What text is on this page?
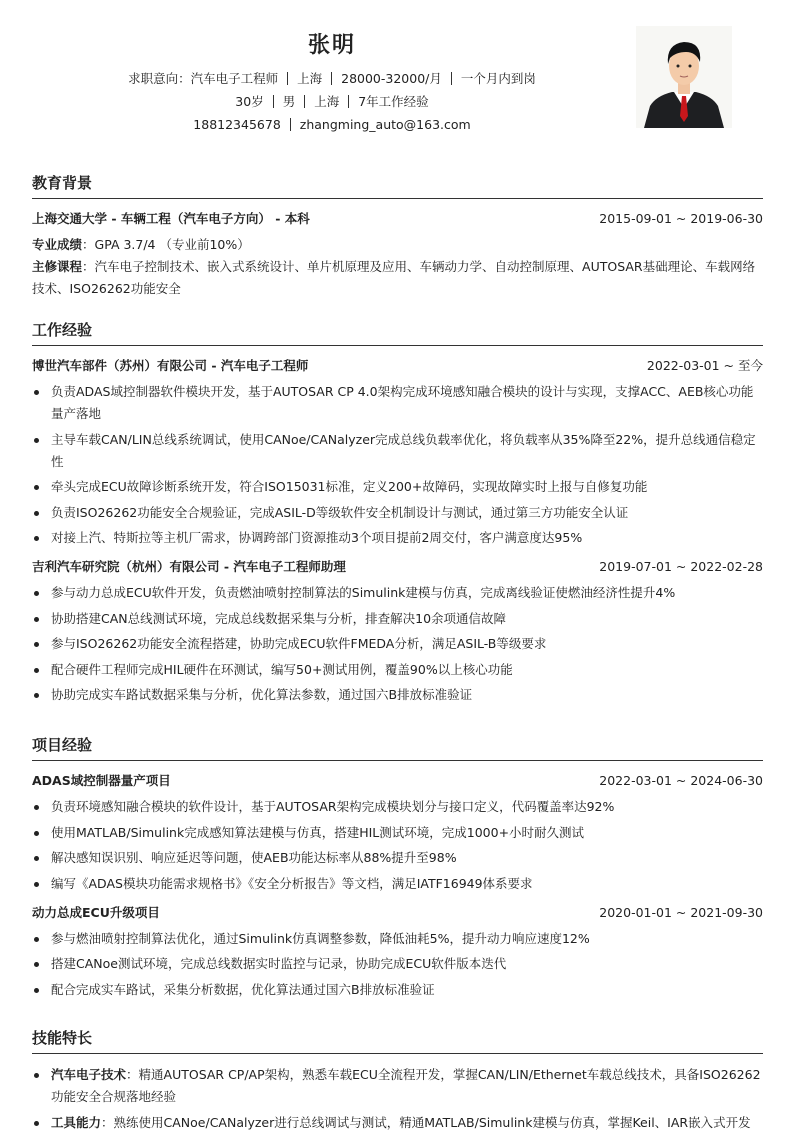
张明
求职意向：汽车电子工程师 上海 28000-32000/月 一个月内到岗
30岁 男 上海 7年工作经验
18812345678 zhangming_auto@163.com
教育背景
上海交通大学 - 车辆工程（汽车电子方向） - 本科	2015-09-01 ~ 2019-06-30
专业成绩：GPA 3.7/4 （专业前10%）
主修课程：汽车电子控制技术、嵌入式系统设计、单片机原理及应用、车辆动力学、自动控制原理、AUTOSAR基础理论、车载网络技术、ISO26262功能安全
工作经验
博世汽车部件（苏州）有限公司 - 汽车电子工程师	2022-03-01 ~ 至今
负责ADAS域控制器软件模块开发，基于AUTOSAR CP 4.0架构完成环境感知融合模块的设计与实现，支撑ACC、AEB核心功能量产落地
主导车载CAN/LIN总线系统调试，使用CANoe/CANalyzer完成总线负载率优化，将负载率从35%降至22%，提升总线通信稳定性
牵头完成ECU故障诊断系统开发，符合ISO15031标准，定义200+故障码，实现故障实时上报与自修复功能
负责ISO26262功能安全合规验证，完成ASIL-D等级软件安全机制设计与测试，通过第三方功能安全认证
对接上汽、特斯拉等主机厂需求，协调跨部门资源推动3个项目提前2周交付，客户满意度达95%
吉利汽车研究院（杭州）有限公司 - 汽车电子工程师助理	2019-07-01 ~ 2022-02-28
参与动力总成ECU软件开发，负责燃油喷射控制算法的Simulink建模与仿真，完成离线验证使燃油经济性提升4%
协助搭建CAN总线测试环境，完成总线数据采集与分析，排查解决10余项通信故障
参与ISO26262功能安全流程搭建，协助完成ECU软件FMEDA分析，满足ASIL-B等级要求
配合硬件工程师完成HIL硬件在环测试，编写50+测试用例，覆盖90%以上核心功能
协助完成实车路试数据采集与分析，优化算法参数，通过国六B排放标准验证
项目经验
ADAS域控制器量产项目	2022-03-01 ~ 2024-06-30
负责环境感知融合模块的软件设计，基于AUTOSAR架构完成模块划分与接口定义，代码覆盖率达92%
使用MATLAB/Simulink完成感知算法建模与仿真，搭建HIL测试环境，完成1000+小时耐久测试
解决感知误识别、响应延迟等问题，使AEB功能达标率从88%提升至98%
编写《ADAS模块功能需求规格书》《安全分析报告》等文档，满足IATF16949体系要求
动力总成ECU升级项目	2020-01-01 ~ 2021-09-30
参与燃油喷射控制算法优化，通过Simulink仿真调整参数，降低油耗5%，提升动力响应速度12%
搭建CANoe测试环境，完成总线数据实时监控与记录，协助完成ECU软件版本迭代
配合完成实车路试，采集分析数据，优化算法通过国六B排放标准验证
技能特长
汽车电子技术：精通AUTOSAR CP/AP架构，熟悉车载ECU全流程开发，掌握CAN/LIN/Ethernet车载总线技术，具备ISO26262功能安全合规落地经验
工具能力：熟练使用CANoe/CANalyzer进行总线调试与测试，精通MATLAB/Simulink建模与仿真，掌握Keil、IAR嵌入式开发
